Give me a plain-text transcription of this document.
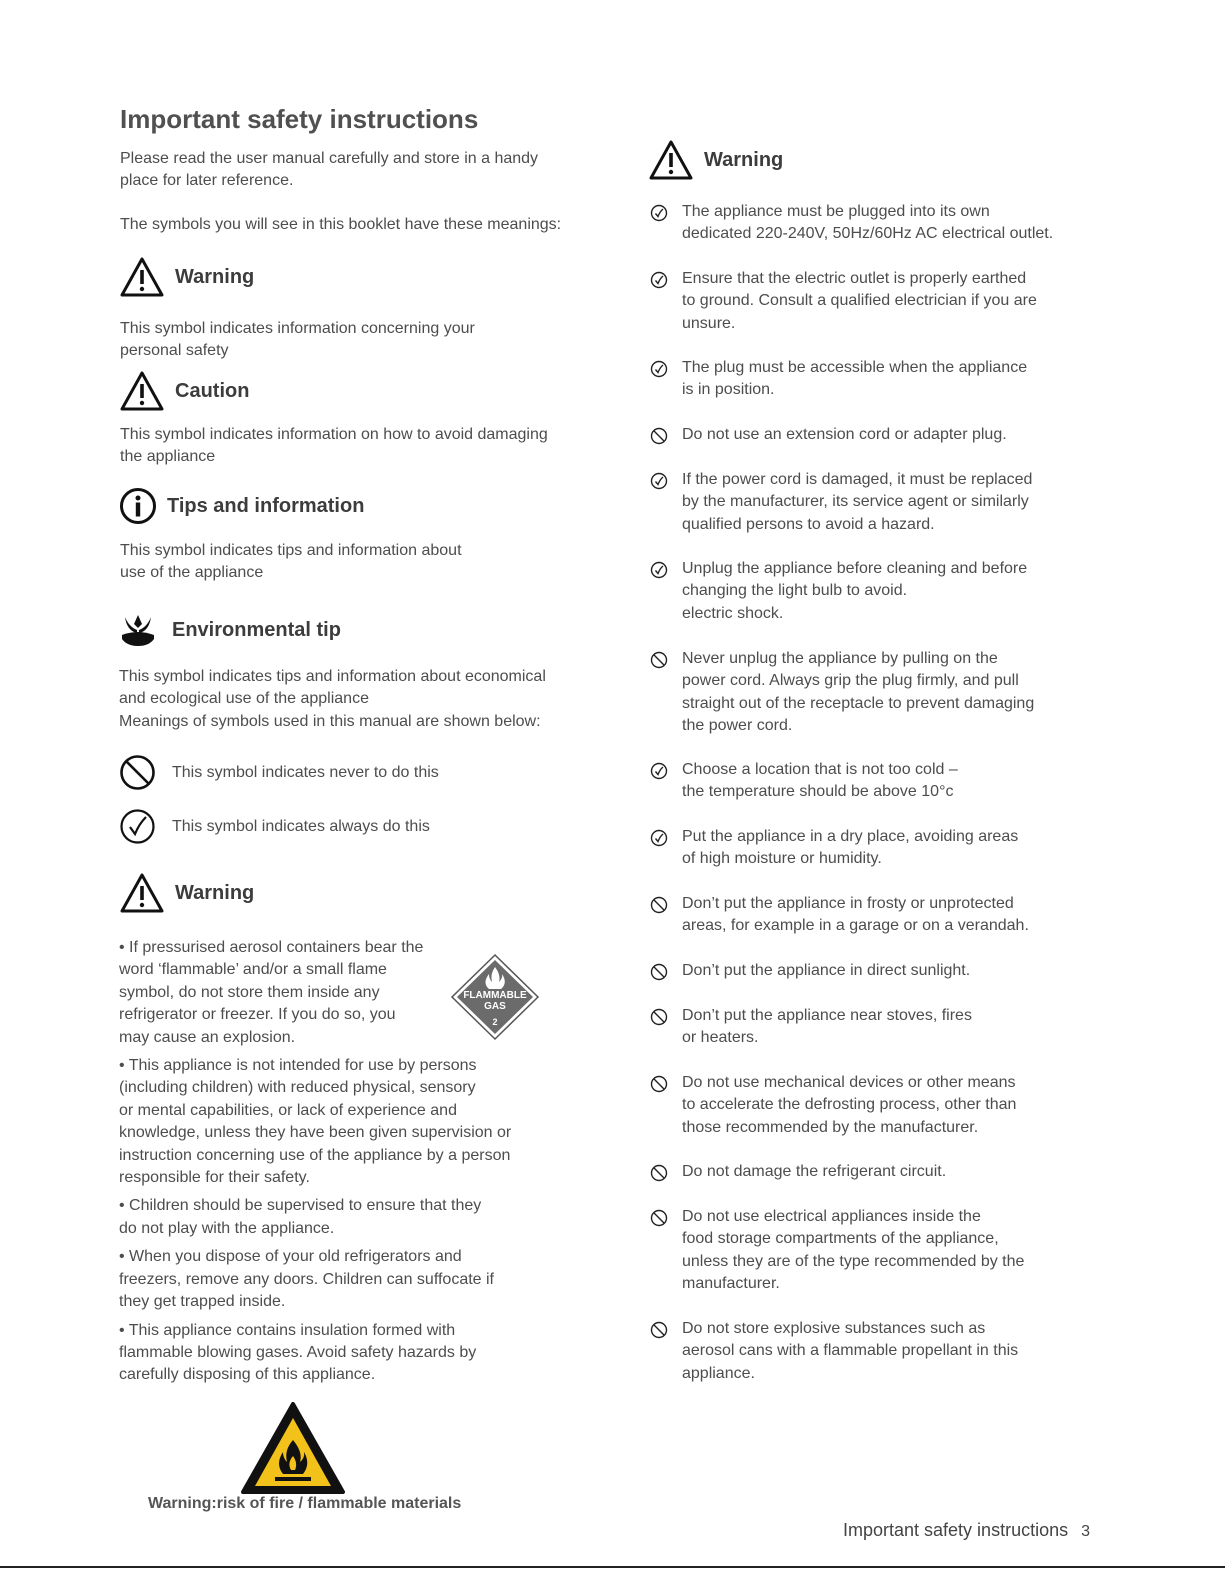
Important safety instructions

Please read the user manual carefully and store in a handy

place for later reference.

The symbols you will see in this booklet have these meanings:

Warning

This symbol indicates information concerning your

personal safety

Caution

This symbol indicates information on how to avoid damaging

the appliance

Tips and information

This symbol indicates tips and information about

use of the appliance

Environmental tip

This symbol indicates tips and information about economical

and ecological use of the appliance

Meanings of symbols used in this manual are shown below:

This symbol indicates never to do this
This symbol indicates always do this
Warning

• If pressurised aerosol containers bear the
word ‘flammable’ and/or a small flame
symbol, do not store them inside any
refrigerator or freezer. If you do so, you
may cause an explosion.

• This appliance is not intended for use by persons
(including children) with reduced physical, sensory
or mental capabilities, or lack of experience and
knowledge, unless they have been given supervision or
instruction concerning use of the appliance by a person
responsible for their safety.

• Children should be supervised to ensure that they
do not play with the appliance.

• When you dispose of your old refrigerators and
freezers, remove any doors. Children can suffocate if
they get trapped inside.

• This appliance contains insulation formed with
flammable blowing gases. Avoid safety hazards by
carefully disposing of this appliance.

FLAMMABLE
GAS
2
Warning:risk of fire / flammable materials
Warning
The appliance must be plugged into its own
dedicated 220-240V, 50Hz/60Hz AC electrical outlet.
Ensure that the electric outlet is properly earthed
to ground. Consult a qualified electrician if you are
unsure.
The plug must be accessible when the appliance
is in position.
Do not use an extension cord or adapter plug.
If the power cord is damaged, it must be replaced
by the manufacturer, its service agent or similarly
qualified persons to avoid a hazard.
Unplug the appliance before cleaning and before
changing the light bulb to avoid.
electric shock.
Never unplug the appliance by pulling on the
power cord. Always grip the plug firmly, and pull
straight out of the receptacle to prevent damaging
the power cord.
Choose a location that is not too cold –
the temperature should be above 10°c
Put the appliance in a dry place, avoiding areas
of high moisture or humidity.
Don’t put the appliance in frosty or unprotected
areas, for example in a garage or on a verandah.
Don’t put the appliance in direct sunlight.
Don’t put the appliance near stoves, fires
or heaters.
Do not use mechanical devices or other means
to accelerate the defrosting process, other than
those recommended by the manufacturer.
Do not damage the refrigerant circuit.
Do not use electrical appliances inside the
food storage compartments of the appliance,
unless they are of the type recommended by the
manufacturer.
Do not store explosive substances such as
aerosol cans with a flammable propellant in this
appliance.
Important safety instructions 3
